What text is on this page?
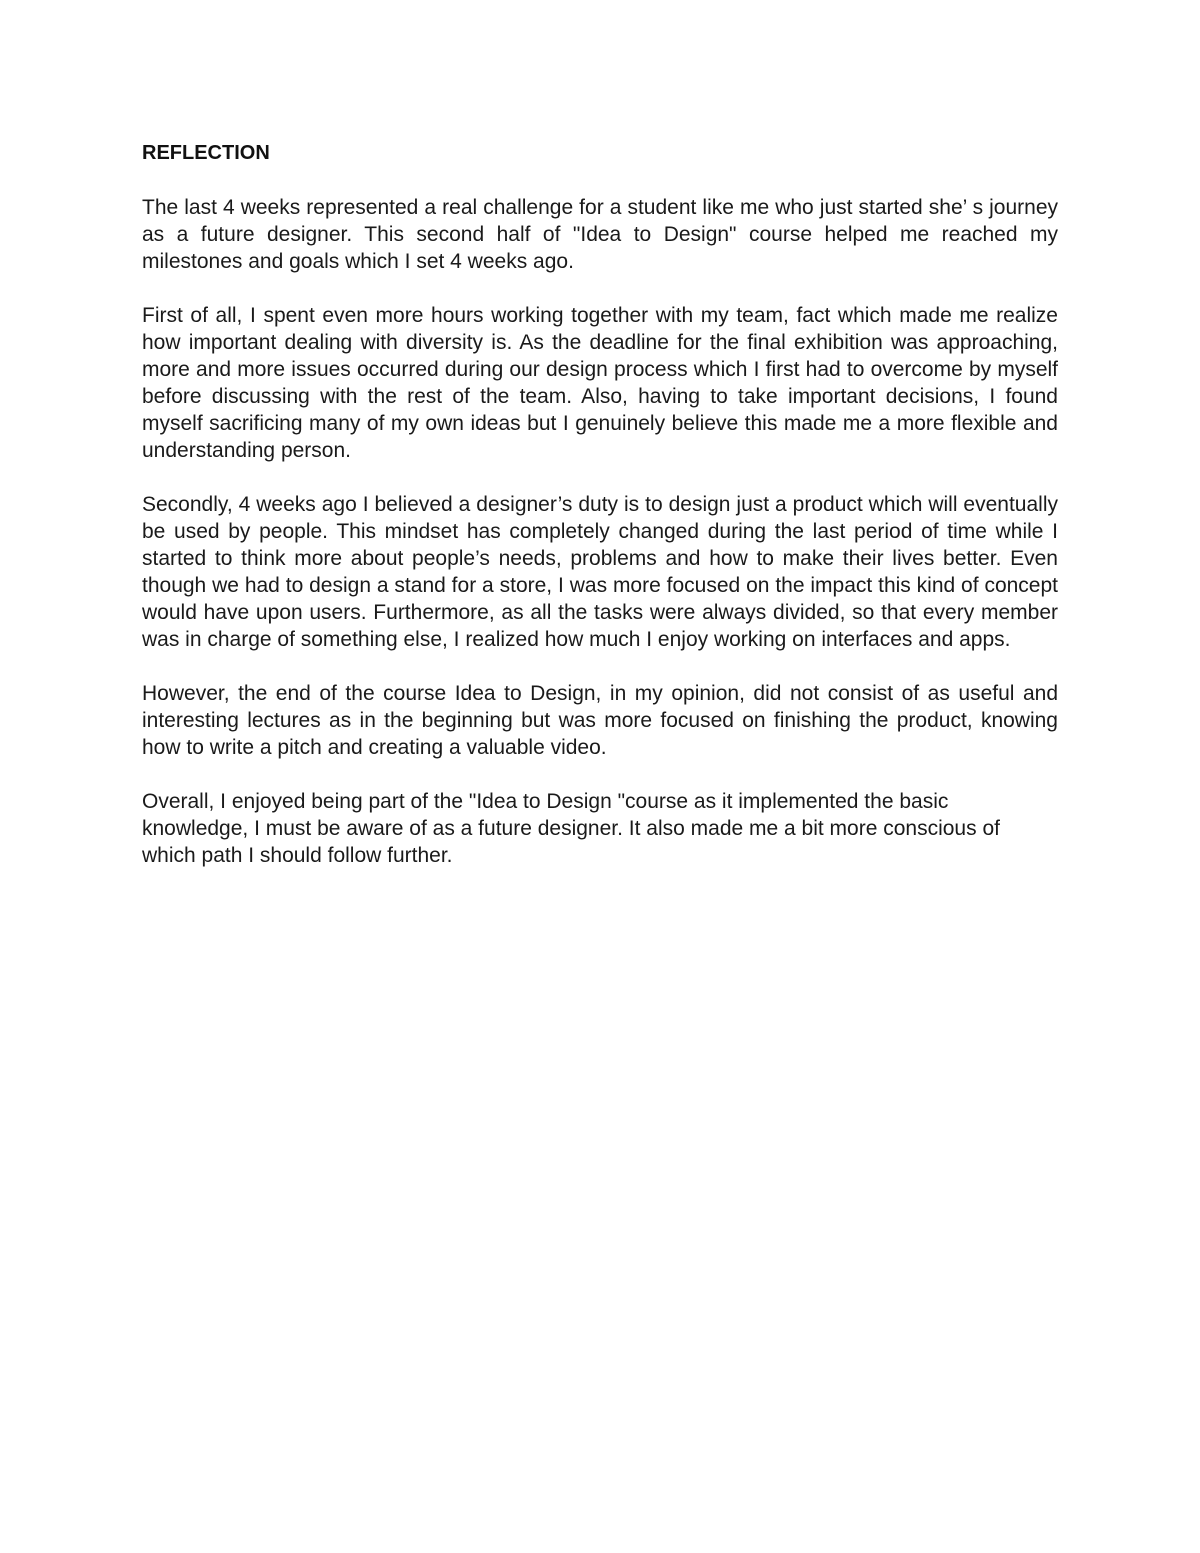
REFLECTION

The last 4 weeks represented a real challenge for a student like me who just started she’ s journey as a future designer. This second half of "Idea to Design" course helped me reached my milestones and goals which I set 4 weeks ago.

First of all, I spent even more hours working together with my team, fact which made me realize how important dealing with diversity is. As the deadline for the final exhibition was approaching, more and more issues occurred during our design process which I first had to overcome by myself before discussing with the rest of the team. Also, having to take important decisions, I found myself sacrificing many of my own ideas but I genuinely believe this made me a more flexible and understanding person.

Secondly, 4 weeks ago I believed a designer’s duty is to design just a product which will eventually be used by people. This mindset has completely changed during the last period of time while I started to think more about people’s needs, problems and how to make their lives better. Even though we had to design a stand for a store, I was more focused on the impact this kind of concept would have upon users. Furthermore, as all the tasks were always divided, so that every member was in charge of something else, I realized how much I enjoy working on interfaces and apps.

However, the end of the course Idea to Design, in my opinion, did not consist of as useful and interesting lectures as in the beginning but was more focused on finishing the product, knowing how to write a pitch and creating a valuable video.

Overall, I enjoyed being part of the "Idea to Design "course as it implemented the basic knowledge, I must be aware of as a future designer. It also made me a bit more conscious of which path I should follow further.
